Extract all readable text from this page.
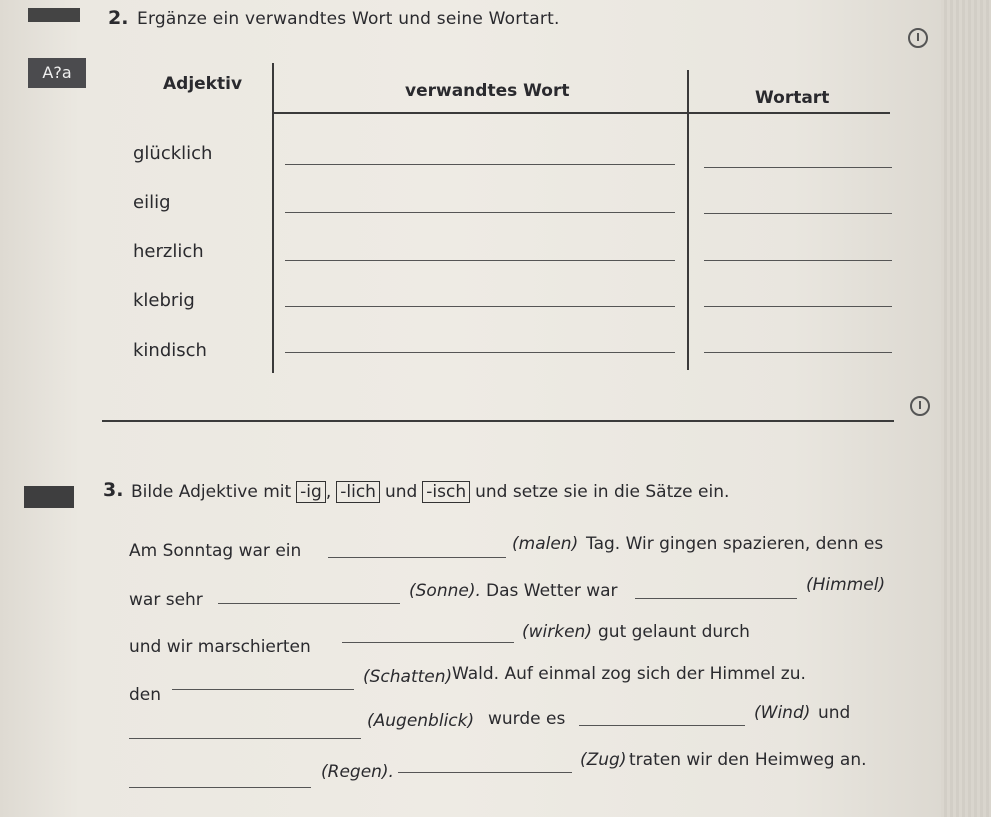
2. Ergänze ein verwandtes Wort und seine Wortart.
A?a
Adjektiv	verwandtes Wort	Wortart
glücklich
eilig
herzlich
klebrig
kindisch
3. Bilde Adjektive mit -ig , -lich und -isch und setze sie in die Sätze ein.
Am Sonntag war ein	(malen) Tag. Wir gingen spazieren, denn es
war sehr	(Sonne). Das Wetter war	(Himmel)
und wir marschierten
(wirken) gut gelaunt durch
den
(Schatten) Wald. Auf einmal zog sich der Himmel zu.
(Augenblick) wurde es	(Wind) und
(Regen).
(Zug) traten wir den Heimweg an.
